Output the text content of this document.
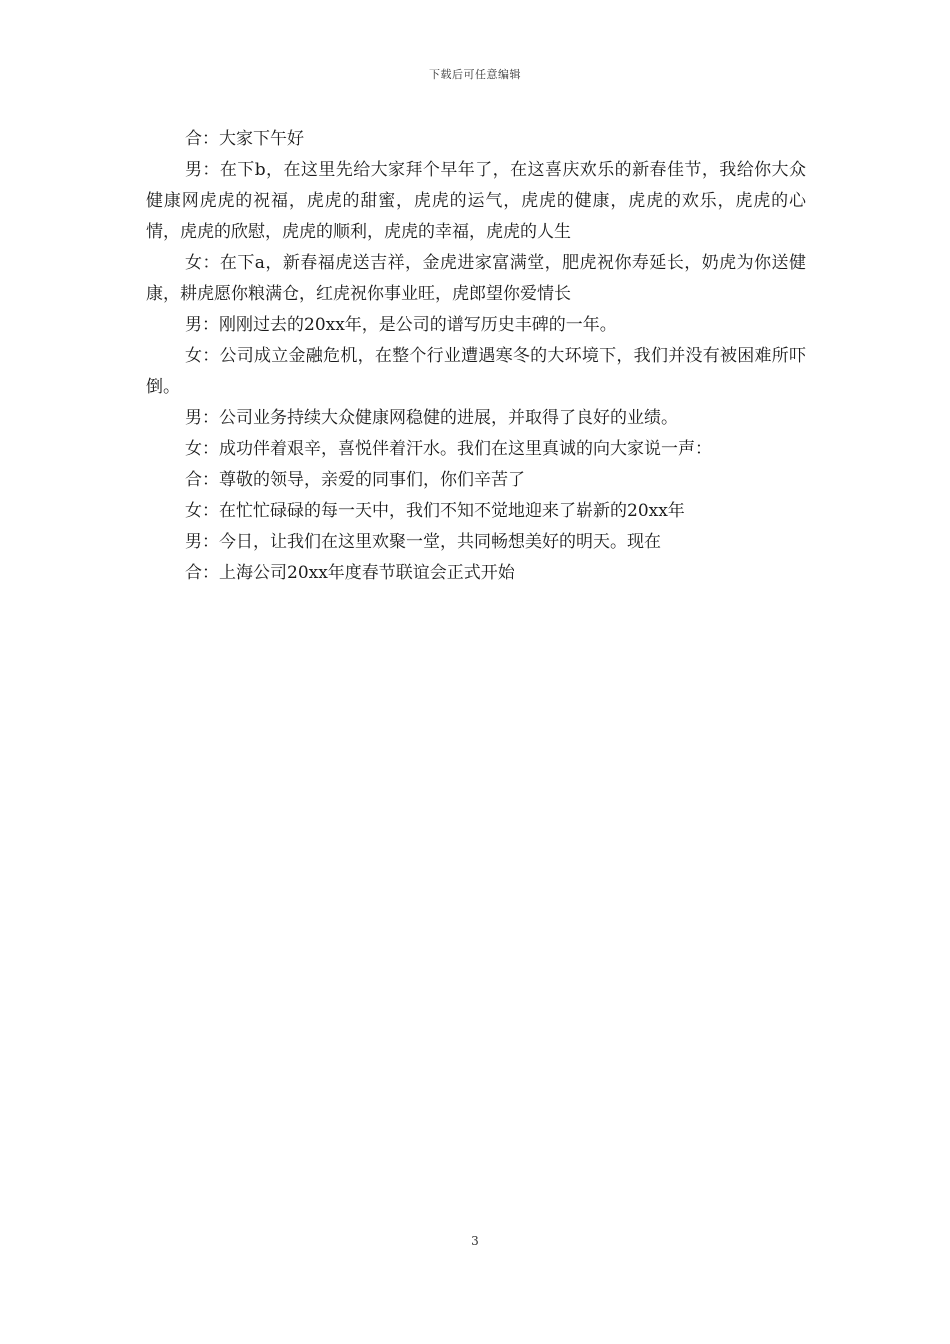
下载后可任意编辑

合：大家下午好

男：在下b，在这里先给大家拜个早年了，在这喜庆欢乐的新春佳节，我给你大众健康网虎虎的祝福，虎虎的甜蜜，虎虎的运气，虎虎的健康，虎虎的欢乐，虎虎的心情，虎虎的欣慰，虎虎的顺利，虎虎的幸福，虎虎的人生

女：在下a，新春福虎送吉祥，金虎进家富满堂，肥虎祝你寿延长，奶虎为你送健康，耕虎愿你粮满仓，红虎祝你事业旺，虎郎望你爱情长

男：刚刚过去的20xx年，是公司的谱写历史丰碑的一年。

女：公司成立金融危机，在整个行业遭遇寒冬的大环境下，我们并没有被困难所吓倒。

男：公司业务持续大众健康网稳健的进展，并取得了良好的业绩。

女：成功伴着艰辛，喜悦伴着汗水。我们在这里真诚的向大家说一声：

合：尊敬的领导，亲爱的同事们，你们辛苦了

女：在忙忙碌碌的每一天中，我们不知不觉地迎来了崭新的20xx年

男：今日，让我们在这里欢聚一堂，共同畅想美好的明天。现在

合：上海公司20xx年度春节联谊会正式开始

3
